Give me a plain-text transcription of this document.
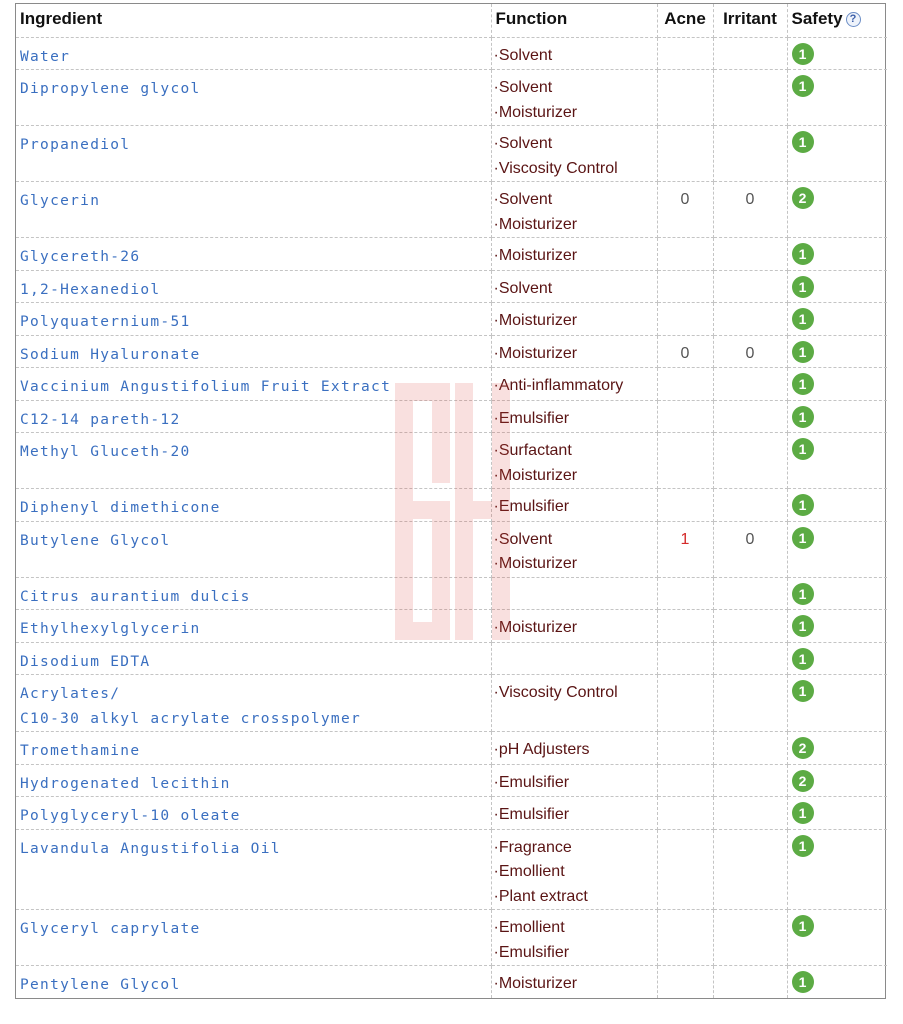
Ingredient	Function	Acne	Irritant	Safety ?

Water	· Solvent			1

Dipropylene glycol	· Solvent
· Moisturizer			1

Propanediol	· Solvent
· Viscosity Control			1

Glycerin	· Solvent
· Moisturizer	0	0	2

Glycereth-26	· Moisturizer			1

1,2-Hexanediol	· Solvent			1

Polyquaternium-51	· Moisturizer			1

Sodium Hyaluronate	· Moisturizer	0	0	1

Vaccinium Angustifolium Fruit Extract	· Anti-inflammatory			1

C12-14 pareth-12	· Emulsifier			1

Methyl Gluceth-20	· Surfactant
· Moisturizer			1

Diphenyl dimethicone	· Emulsifier			1

Butylene Glycol	· Solvent
· Moisturizer	1	0	1

Citrus aurantium dulcis				1

Ethylhexylglycerin	· Moisturizer			1

Disodium EDTA				1

Acrylates/
C10-30 alkyl acrylate crosspolymer	· Viscosity Control			1

Tromethamine	· pH Adjusters			2

Hydrogenated lecithin	· Emulsifier			2

Polyglyceryl-10 oleate	· Emulsifier			1

Lavandula Angustifolia Oil	· Fragrance
· Emollient
· Plant extract			1

Glyceryl caprylate	· Emollient
· Emulsifier			1

Pentylene Glycol	· Moisturizer			1
